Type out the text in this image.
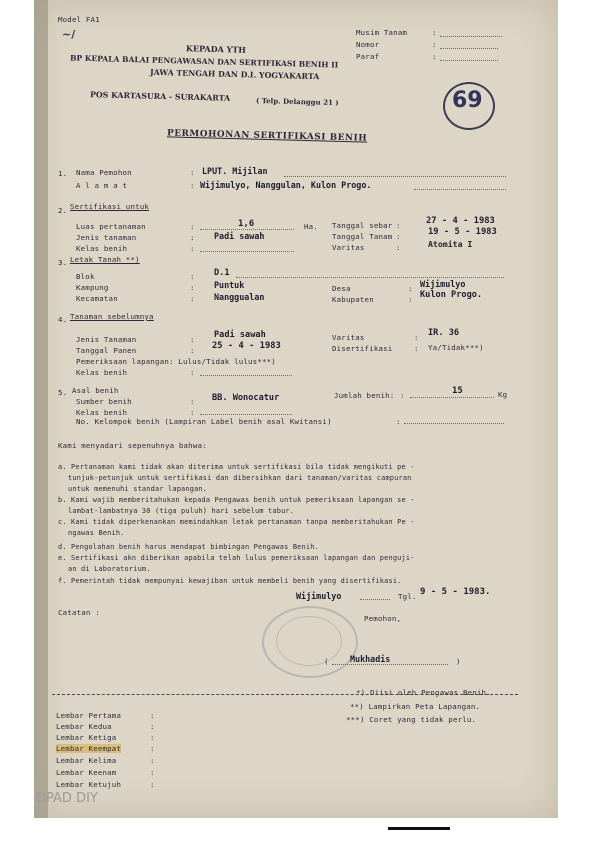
Model FA1
~/	Musim Tanam	:
Nomor	:
Paraf	:
KEPADA YTH
BP KEPALA BALAI PENGAWASAN DAN SERTIFIKASI BENIH II
JAWA TENGAH DAN D.I. YOGYAKARTA
POS KARTASURA - SURAKARTA	( Telp. Delanggu 21 )	69
PERMOHONAN SERTIFIKASI BENIH
1. Nama Pemohon	: LPUT. Mijilan
A l a m a t	: Wijimulyo, Nanggulan, Kulon Progo.
2. Sertifikasi untuk
Luas pertanaman	:	1,6	Ha. Tanggal sebar :	27 - 4 - 1983
Jenis tanaman	: Padi sawah	Tanggal Tanam :	19 - 5 - 1983
Kelas benih	:	Varitas	:	Atomita I
3. Letak Tanah **)
Blok	: D.1
Kampung	: Puntuk	Desa	: Wijimulyo
Kecamatan	: Nanggualan	Kabupaten	: Kulon Progo.
4. Tanaman sebelumnya
Jenis Tanaman	: Padi sawah	Varitas	: IR. 36
Tanggal Panen	: 25 - 4 - 1983	Disertifikasi	: Ya/Tidak***)
Pemeriksaan lapangan: Lulus/Tidak lulus***)
Kelas benih	:
5. Asal benih
Sumber benih	: BB. Wonocatur	Jumlah benih: :	15	Kg
Kelas benih	:
No. Kelompok benih (Lampiran Label benih asal Kwitansi)	:
Kami menyadari sepenuhnya bahwa:
a. Pertanaman kami tidak akan diterima untuk sertifikasi bila tidak mengikuti pe -
tunjuk-petunjuk untuk sertifikasi dan dibersihkan dari tanaman/varitas campuran
untuk memenuhi standar lapangan.
b. Kami wajib memberitahukan kepada Pengawas benih untuk pemeriksaan lapangan se -
lambat-lambatnya 30 (tiga puluh) hari sebelum tabur.
c. Kami tidak diperkenankan memindahkan letak pertanaman tanpa memberitahukan Pe -
ngawas Benih.
d. Pengolahan benih harus mendapat bimbingan Pengawas Benih.
e. Sertifikasi akn diberikan apabila telah lulus pemeriksaan lapangan dan penguji-
an di Laboratorium.
f. Pemerintah tidak mempunyai kewajiban untuk membeli benih yang disertifikasi.
Wijimulyo	Tgl. 9 - 5 - 1983.
Catatan :
Pemohon,
(	Mukhadis	)
*) Diisi oleh Pengawas Benih.
**) Lampirkan Peta Lapangan.
***) Coret yang tidak perlu.
Lembar Pertama	:
Lembar Kedua	:
Lembar Ketiga	:
Lembar Keempat	:
Lembar Kelima	:
Lembar Keenam	:
Lembar Ketujuh	:
DPAD DIY
